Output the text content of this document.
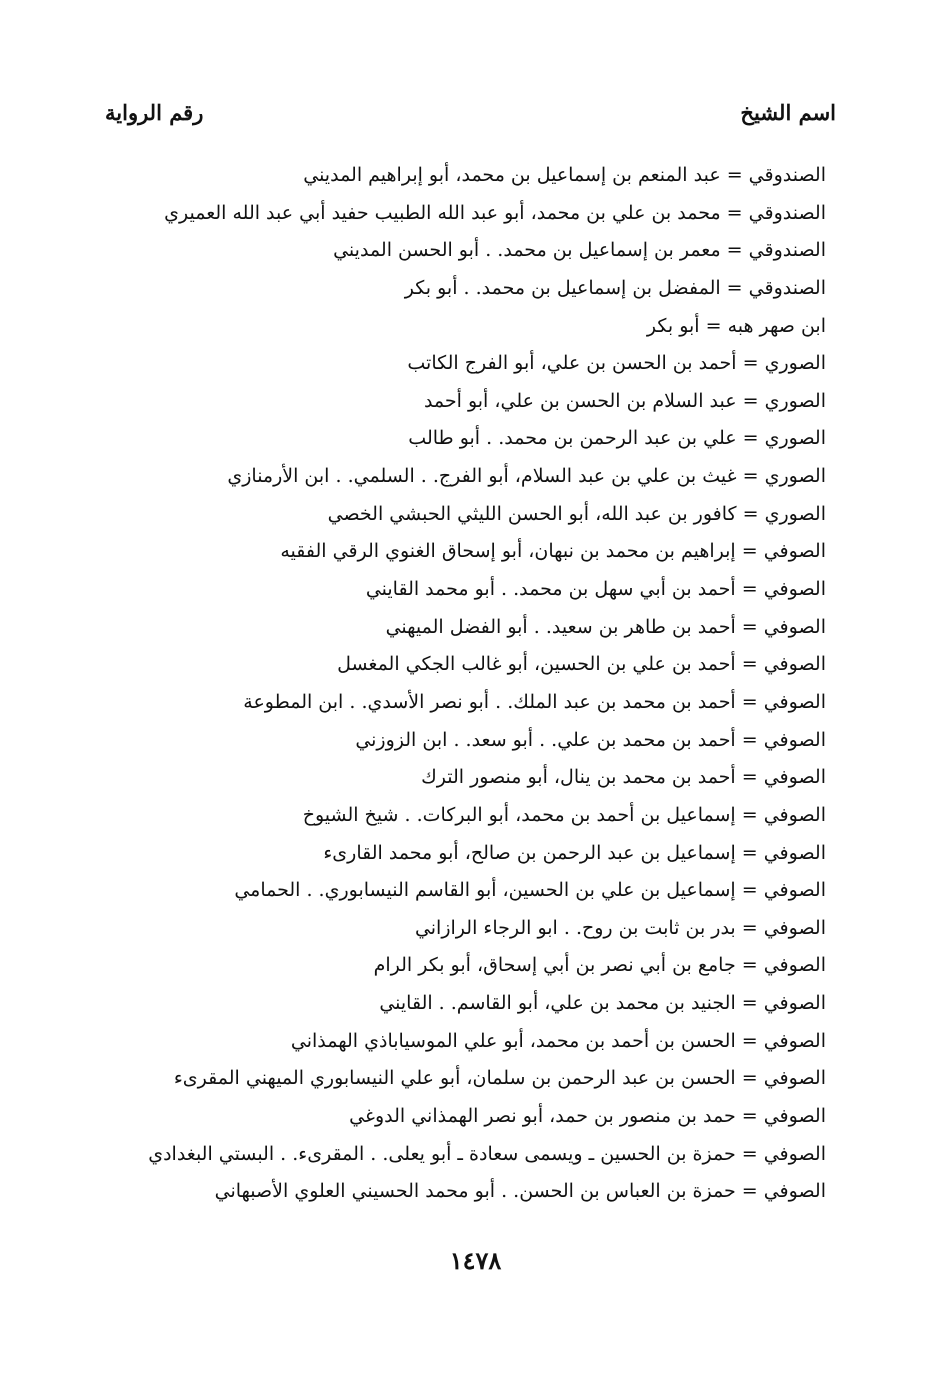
اسم الشيخ
رقم الرواية
الصندوقي = عبد المنعم بن إسماعيل بن محمد، أبو إبراهيم المديني
الصندوقي = محمد بن علي بن محمد، أبو عبد الله الطبيب حفيد أبي عبد الله العميري
الصندوقي = معمر بن إسماعيل بن محمد. . أبو الحسن المديني
الصندوقي = المفضل بن إسماعيل بن محمد. . أبو بكر
ابن صهر هبه = أبو بكر
الصوري = أحمد بن الحسن بن علي، أبو الفرج الكاتب
الصوري = عبد السلام بن الحسن بن علي، أبو أحمد
الصوري = علي بن عبد الرحمن بن محمد. . أبو طالب
الصوري = غيث بن علي بن عبد السلام، أبو الفرج. . السلمي. . ابن الأرمنازي
الصوري = كافور بن عبد الله، أبو الحسن الليثي الحبشي الخصي
الصوفي = إبراهيم بن محمد بن نبهان، أبو إسحاق الغنوي الرقي الفقيه
الصوفي = أحمد بن أبي سهل بن محمد. . أبو محمد القايني
الصوفي = أحمد بن طاهر بن سعيد. . أبو الفضل الميهني
الصوفي = أحمد بن علي بن الحسين، أبو غالب الجكي المغسل
الصوفي = أحمد بن محمد بن عبد الملك. . أبو نصر الأسدي. . ابن المطوعة
الصوفي = أحمد بن محمد بن علي. . أبو سعد. . ابن الزوزني
الصوفي = أحمد بن محمد بن ينال، أبو منصور الترك
الصوفي = إسماعيل بن أحمد بن محمد، أبو البركات. . شيخ الشيوخ
الصوفي = إسماعيل بن عبد الرحمن بن صالح، أبو محمد القارىء
الصوفي = إسماعيل بن علي بن الحسين، أبو القاسم النيسابوري. . الحمامي
الصوفي = بدر بن ثابت بن روح. . ابو الرجاء الرازاني
الصوفي = جامع بن أبي نصر بن أبي إسحاق، أبو بكر الرام
الصوفي = الجنيد بن محمد بن علي، أبو القاسم. . القايني
الصوفي = الحسن بن أحمد بن محمد، أبو علي الموسياباذي الهمذاني
الصوفي = الحسن بن عبد الرحمن بن سلمان، أبو علي النيسابوري الميهني المقرىء
الصوفي = حمد بن منصور بن حمد، أبو نصر الهمذاني الدوغي
الصوفي = حمزة بن الحسين ـ ويسمى سعادة ـ أبو يعلى. . المقرىء. . البستي البغدادي
الصوفي = حمزة بن العباس بن الحسن. . أبو محمد الحسيني العلوي الأصبهاني
١٤٧٨
